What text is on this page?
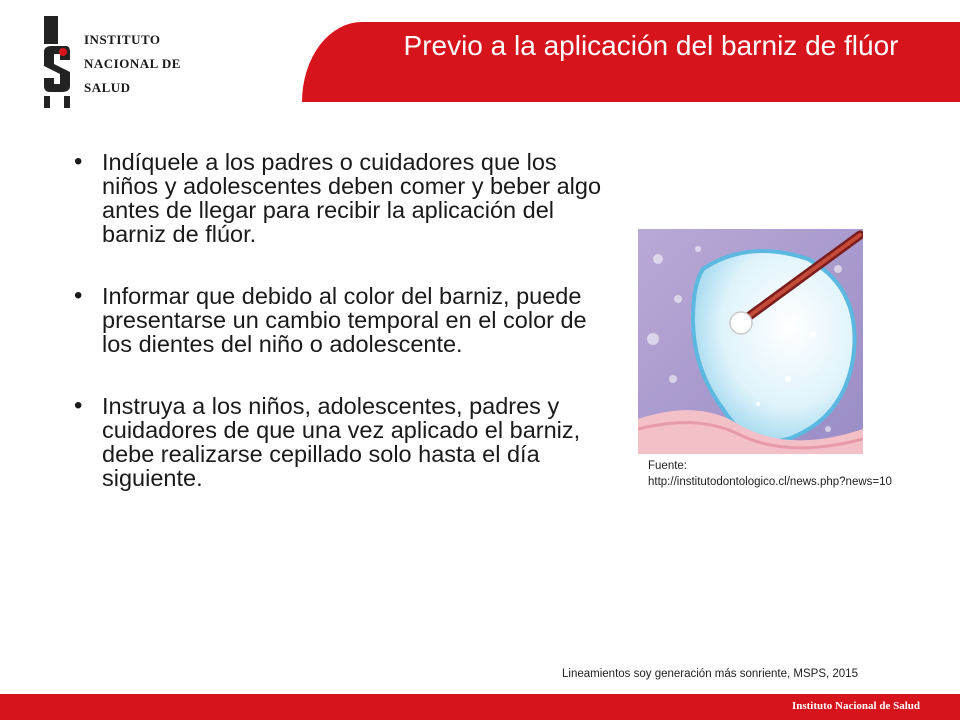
INSTITUTO
NACIONAL DE
SALUD
Previo a la aplicación del barniz de flúor
• Indíquele a los padres o cuidadores que los niños y adolescentes deben comer y beber algo antes de llegar para recibir la aplicación del barniz de flúor.
• Informar que debido al color del barniz, puede presentarse un cambio temporal en el color de los dientes del niño o adolescente.
• Instruya a los niños, adolescentes, padres y cuidadores de que una vez aplicado el barniz, debe realizarse cepillado solo hasta el día siguiente.	Fuente:
http://institutodontologico.cl/news.php?news=10
Lineamientos soy generación más sonriente, MSPS, 2015
Instituto Nacional de Salud
